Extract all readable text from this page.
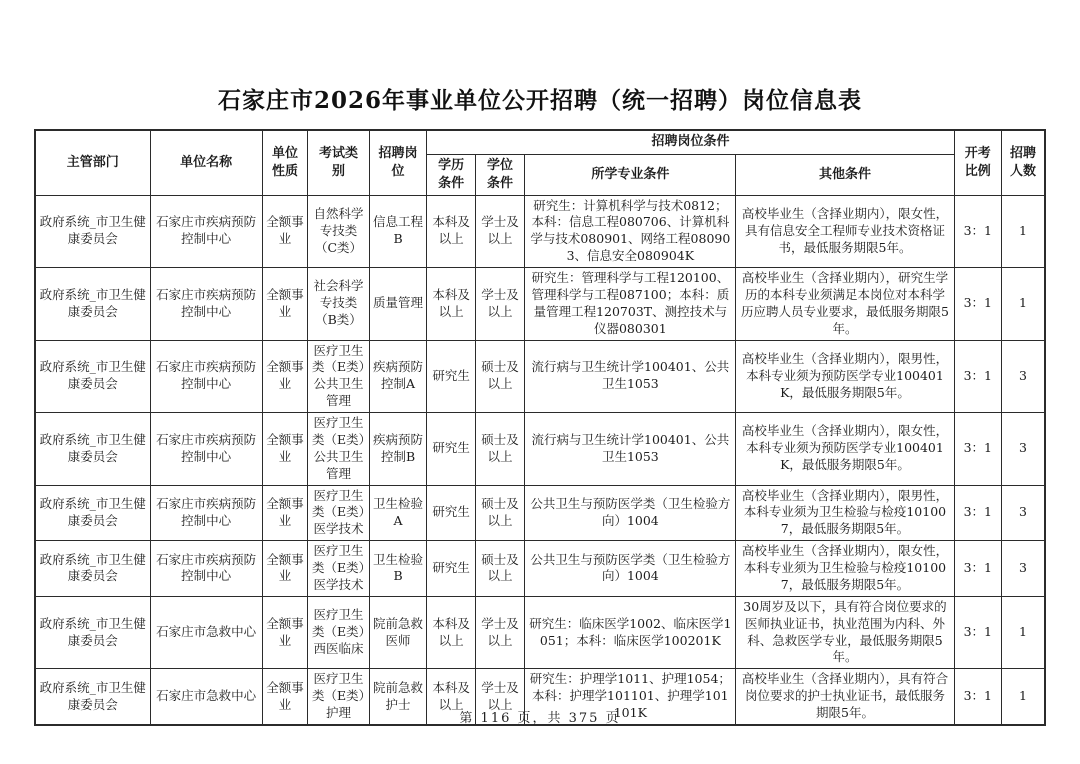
石家庄市2026年事业单位公开招聘（统一招聘）岗位信息表
主管部门	单位名称	单位性质	考试类别	招聘岗位	招聘岗位条件				开考比例	招聘人数
					学历条件	学位条件	所学专业条件	其他条件		
政府系统_市卫生健康委员会	石家庄市疾病预防控制中心	全额事业	自然科学专技类（C类）	信息工程B	本科及以上	学士及以上	研究生：计算机科学与技术0812；本科：信息工程080706、计算机科学与技术080901、网络工程080903、信息安全080904K	高校毕业生（含择业期内），限女性，具有信息安全工程师专业技术资格证书，最低服务期限5年。	3：1	1
政府系统_市卫生健康委员会	石家庄市疾病预防控制中心	全额事业	社会科学专技类（B类）	质量管理	本科及以上	学士及以上	研究生：管理科学与工程120100、管理科学与工程087100；本科：质量管理工程120703T、测控技术与仪器080301	高校毕业生（含择业期内），研究生学历的本科专业须满足本岗位对本科学历应聘人员专业要求，最低服务期限5年。	3：1	1
政府系统_市卫生健康委员会	石家庄市疾病预防控制中心	全额事业	医疗卫生类（E类）公共卫生管理	疾病预防控制A	研究生	硕士及以上	流行病与卫生统计学100401、公共卫生1053	高校毕业生（含择业期内），限男性，本科专业须为预防医学专业100401K，最低服务期限5年。	3：1	3
政府系统_市卫生健康委员会	石家庄市疾病预防控制中心	全额事业	医疗卫生类（E类）公共卫生管理	疾病预防控制B	研究生	硕士及以上	流行病与卫生统计学100401、公共卫生1053	高校毕业生（含择业期内），限女性，本科专业须为预防医学专业100401K，最低服务期限5年。	3：1	3
政府系统_市卫生健康委员会	石家庄市疾病预防控制中心	全额事业	医疗卫生类（E类）医学技术	卫生检验A	研究生	硕士及以上	公共卫生与预防医学类（卫生检验方向）1004	高校毕业生（含择业期内），限男性，本科专业须为卫生检验与检疫101007，最低服务期限5年。	3：1	3
政府系统_市卫生健康委员会	石家庄市疾病预防控制中心	全额事业	医疗卫生类（E类）医学技术	卫生检验B	研究生	硕士及以上	公共卫生与预防医学类（卫生检验方向）1004	高校毕业生（含择业期内），限女性，本科专业须为卫生检验与检疫101007，最低服务期限5年。	3：1	3
政府系统_市卫生健康委员会	石家庄市急救中心	全额事业	医疗卫生类（E类）西医临床	院前急救医师	本科及以上	学士及以上	研究生：临床医学1002、临床医学1051；本科：临床医学100201K	30周岁及以下，具有符合岗位要求的医师执业证书，执业范围为内科、外科、急救医学专业，最低服务期限5年。	3：1	1
政府系统_市卫生健康委员会	石家庄市急救中心	全额事业	医疗卫生类（E类）护理	院前急救护士	本科及以上	学士及以上	研究生：护理学1011、护理1054；本科：护理学101101、护理学101101K	高校毕业生（含择业期内），具有符合岗位要求的护士执业证书，最低服务期限5年。	3：1	1
第 116 页，共 375 页
